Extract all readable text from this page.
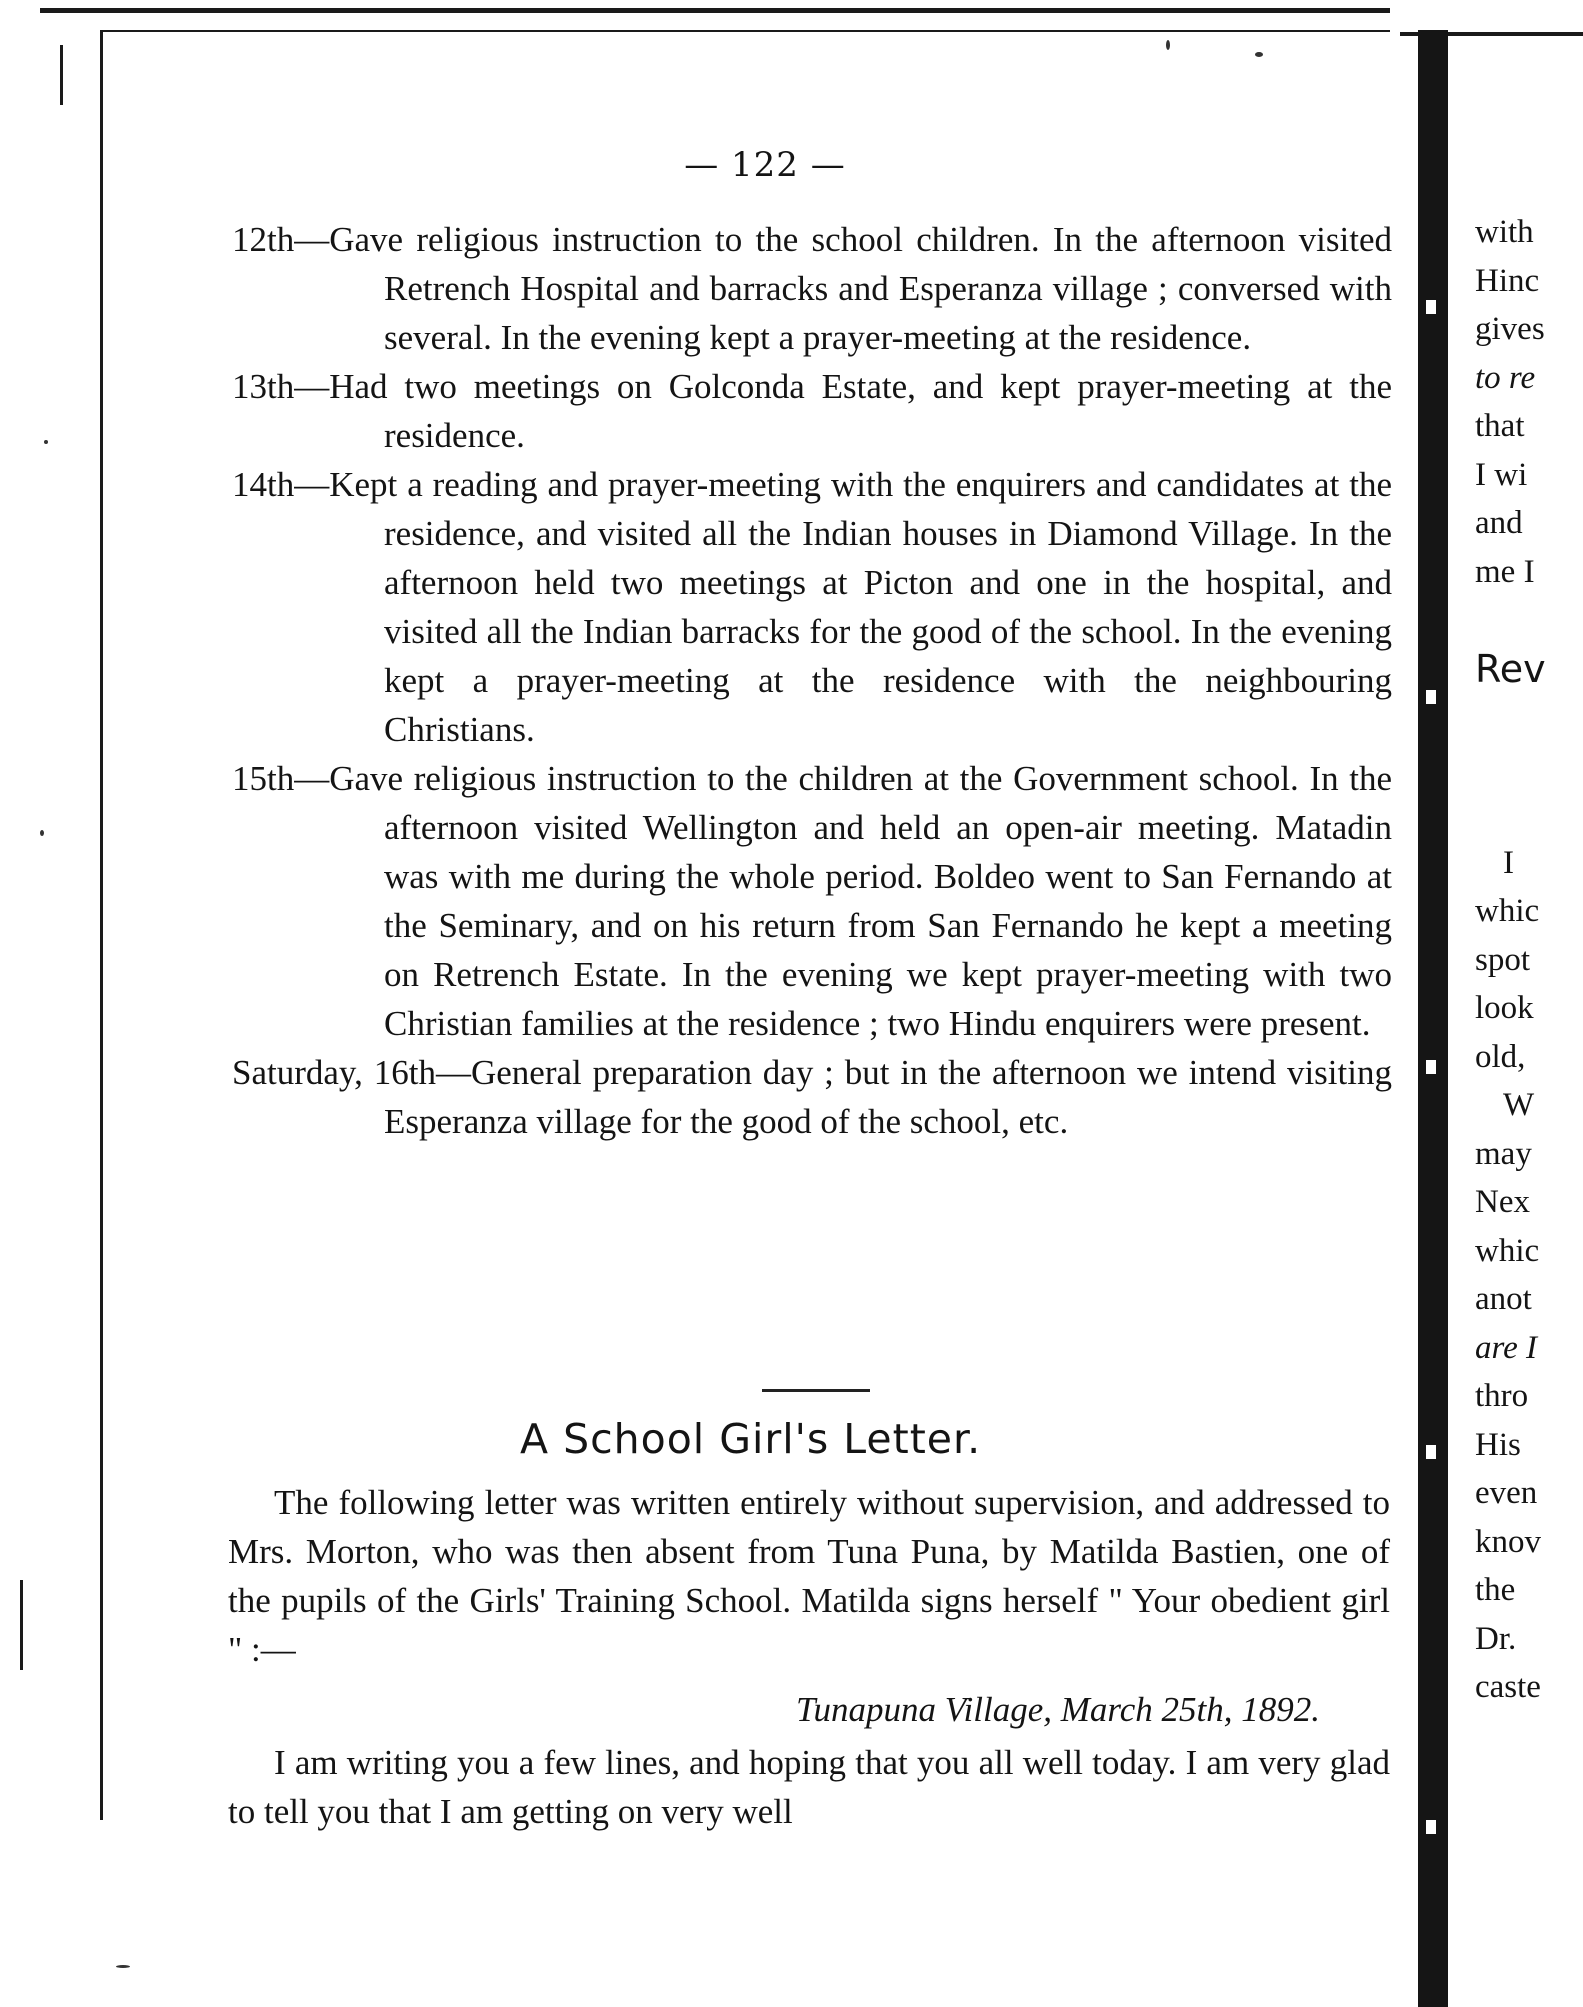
— 122 —
12th—Gave religious instruction to the school children. In the afternoon visited Retrench Hospital and barracks and Esperanza village ; conversed with several. In the evening kept a prayer-meeting at the residence.
13th—Had two meetings on Golconda Estate, and kept prayer-meeting at the residence.
14th—Kept a reading and prayer-meeting with the enquirers and candidates at the residence, and visited all the Indian houses in Diamond Village. In the afternoon held two meetings at Picton and one in the hospital, and visited all the Indian barracks for the good of the school. In the evening kept a prayer-meeting at the residence with the neighbouring Christians.
15th—Gave religious instruction to the children at the Government school. In the afternoon visited Wellington and held an open-air meeting. Matadin was with me during the whole period. Boldeo went to San Fernando at the Seminary, and on his return from San Fernando he kept a meeting on Retrench Estate. In the evening we kept prayer-meeting with two Christian families at the residence ; two Hindu enquirers were present.
Saturday, 16th—General preparation day ; but in the afternoon we intend visiting Esperanza village for the good of the school, etc.
A School Girl's Letter.
The following letter was written entirely without supervision, and addressed to Mrs. Morton, who was then absent from Tuna Puna, by Matilda Bastien, one of the pupils of the Girls' Training School. Matilda signs herself " Your obedient girl " :—
Tunapuna Village, March 25th, 1892.
I am writing you a few lines, and hoping that you all well today. I am very glad to tell you that I am getting on very well
with
Hinc
gives
to re
that
I wi
and
me I
Rev
I
whic
spot
look
old,
W
may
Nex
whic
anot
are I
thro
His
even
knov
the
Dr.
caste
